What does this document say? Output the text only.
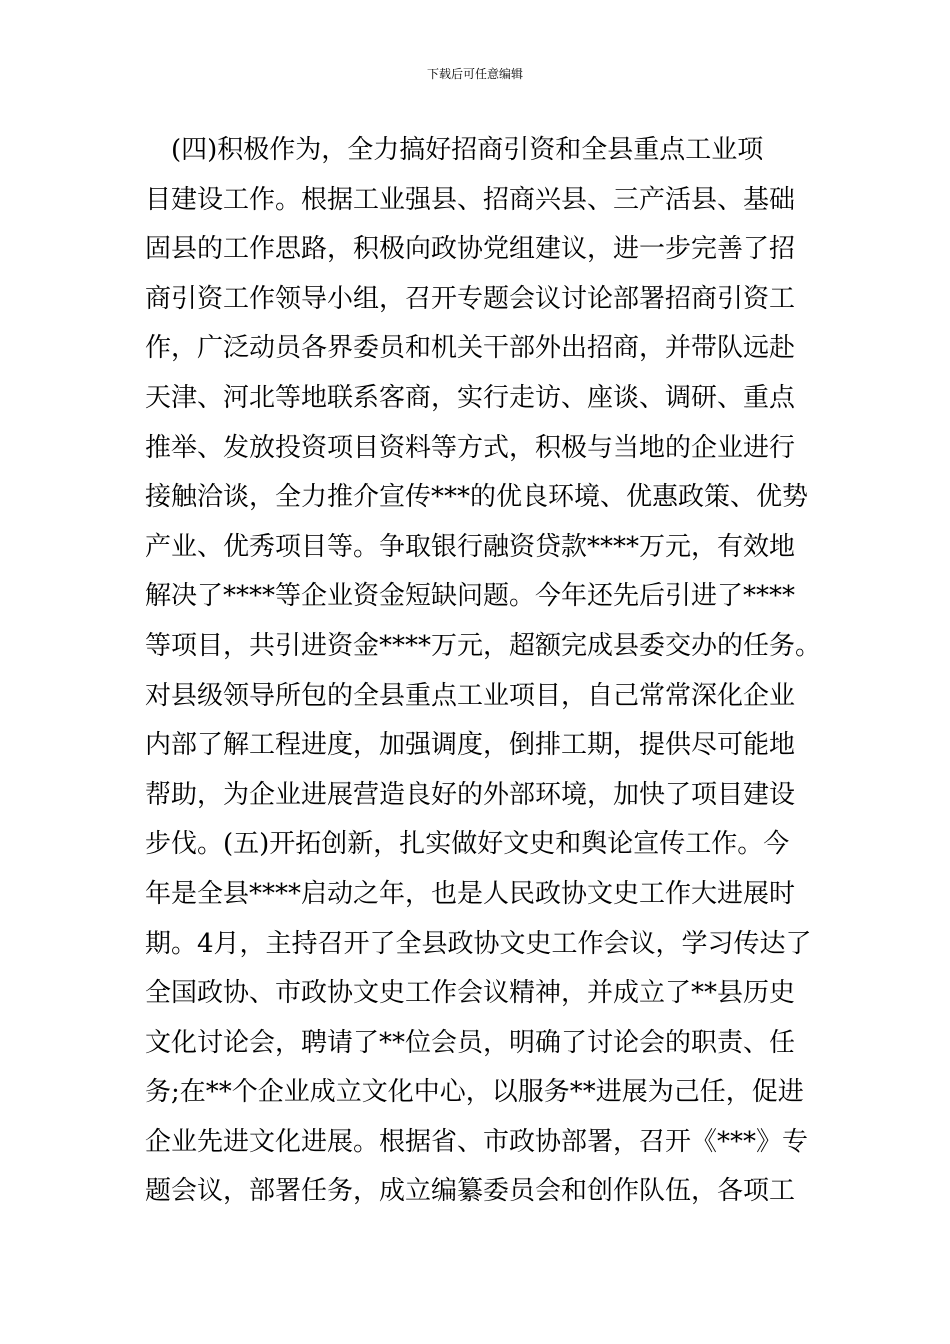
下载后可任意编辑
　(四)积极作为，全力搞好招商引资和全县重点工业项
目建设工作。根据工业强县、招商兴县、三产活县、基础
固县的工作思路，积极向政协党组建议，进一步完善了招
商引资工作领导小组，召开专题会议讨论部署招商引资工
作，广泛动员各界委员和机关干部外出招商，并带队远赴
天津、河北等地联系客商，实行走访、座谈、调研、重点
推举、发放投资项目资料等方式，积极与当地的企业进行
接触洽谈，全力推介宣传***的优良环境、优惠政策、优势
产业、优秀项目等。争取银行融资贷款****万元，有效地
解决了****等企业资金短缺问题。今年还先后引进了****
等项目，共引进资金****万元，超额完成县委交办的任务。
对县级领导所包的全县重点工业项目，自己常常深化企业
内部了解工程进度，加强调度，倒排工期，提供尽可能地
帮助，为企业进展营造良好的外部环境，加快了项目建设
步伐。(五)开拓创新，扎实做好文史和舆论宣传工作。今
年是全县****启动之年，也是人民政协文史工作大进展时
期。4月，主持召开了全县政协文史工作会议，学习传达了
全国政协、市政协文史工作会议精神，并成立了**县历史
文化讨论会，聘请了**位会员，明确了讨论会的职责、任
务;在**个企业成立文化中心，以服务**进展为己任，促进
企业先进文化进展。根据省、市政协部署，召开《***》专
题会议，部署任务，成立编纂委员会和创作队伍，各项工
